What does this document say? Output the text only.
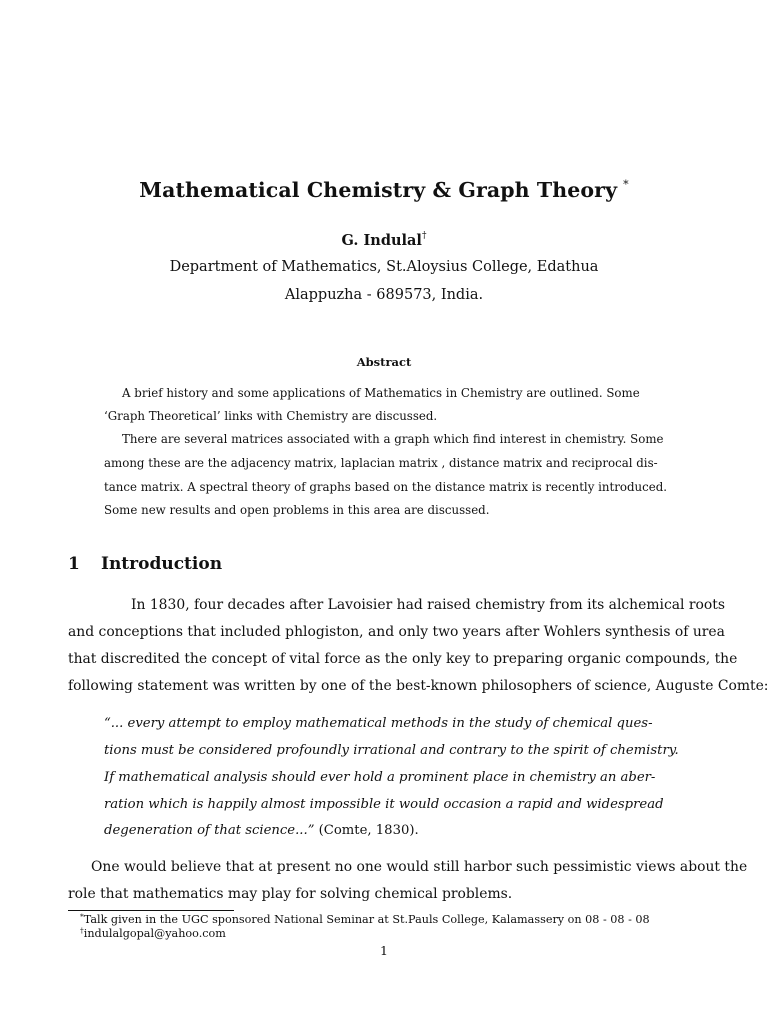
Mathematical Chemistry & Graph Theory *
G. Indulal†
Department of Mathematics, St.Aloysius College, Edathua
Alappuzha - 689573, India.
Abstract
A brief history and some applications of Mathematics in Chemistry are outlined. Some
‘Graph Theoretical’ links with Chemistry are discussed.
There are several matrices associated with a graph which find interest in chemistry. Some
among these are the adjacency matrix, laplacian matrix , distance matrix and reciprocal dis-
tance matrix. A spectral theory of graphs based on the distance matrix is recently introduced.
Some new results and open problems in this area are discussed.
1 Introduction
In 1830, four decades after Lavoisier had raised chemistry from its alchemical roots
and conceptions that included phlogiston, and only two years after Wohlers synthesis of urea
that discredited the concept of vital force as the only key to preparing organic compounds, the
following statement was written by one of the best-known philosophers of science, Auguste Comte:
“... every attempt to employ mathematical methods in the study of chemical ques-
tions must be considered profoundly irrational and contrary to the spirit of chemistry.
If mathematical analysis should ever hold a prominent place in chemistry an aber-
ration which is happily almost impossible it would occasion a rapid and widespread
degeneration of that science...” (Comte, 1830).
One would believe that at present no one would still harbor such pessimistic views about the
role that mathematics may play for solving chemical problems.
*Talk given in the UGC sponsored National Seminar at St.Pauls College, Kalamassery on 08 - 08 - 08
†indulalgopal@yahoo.com
1
